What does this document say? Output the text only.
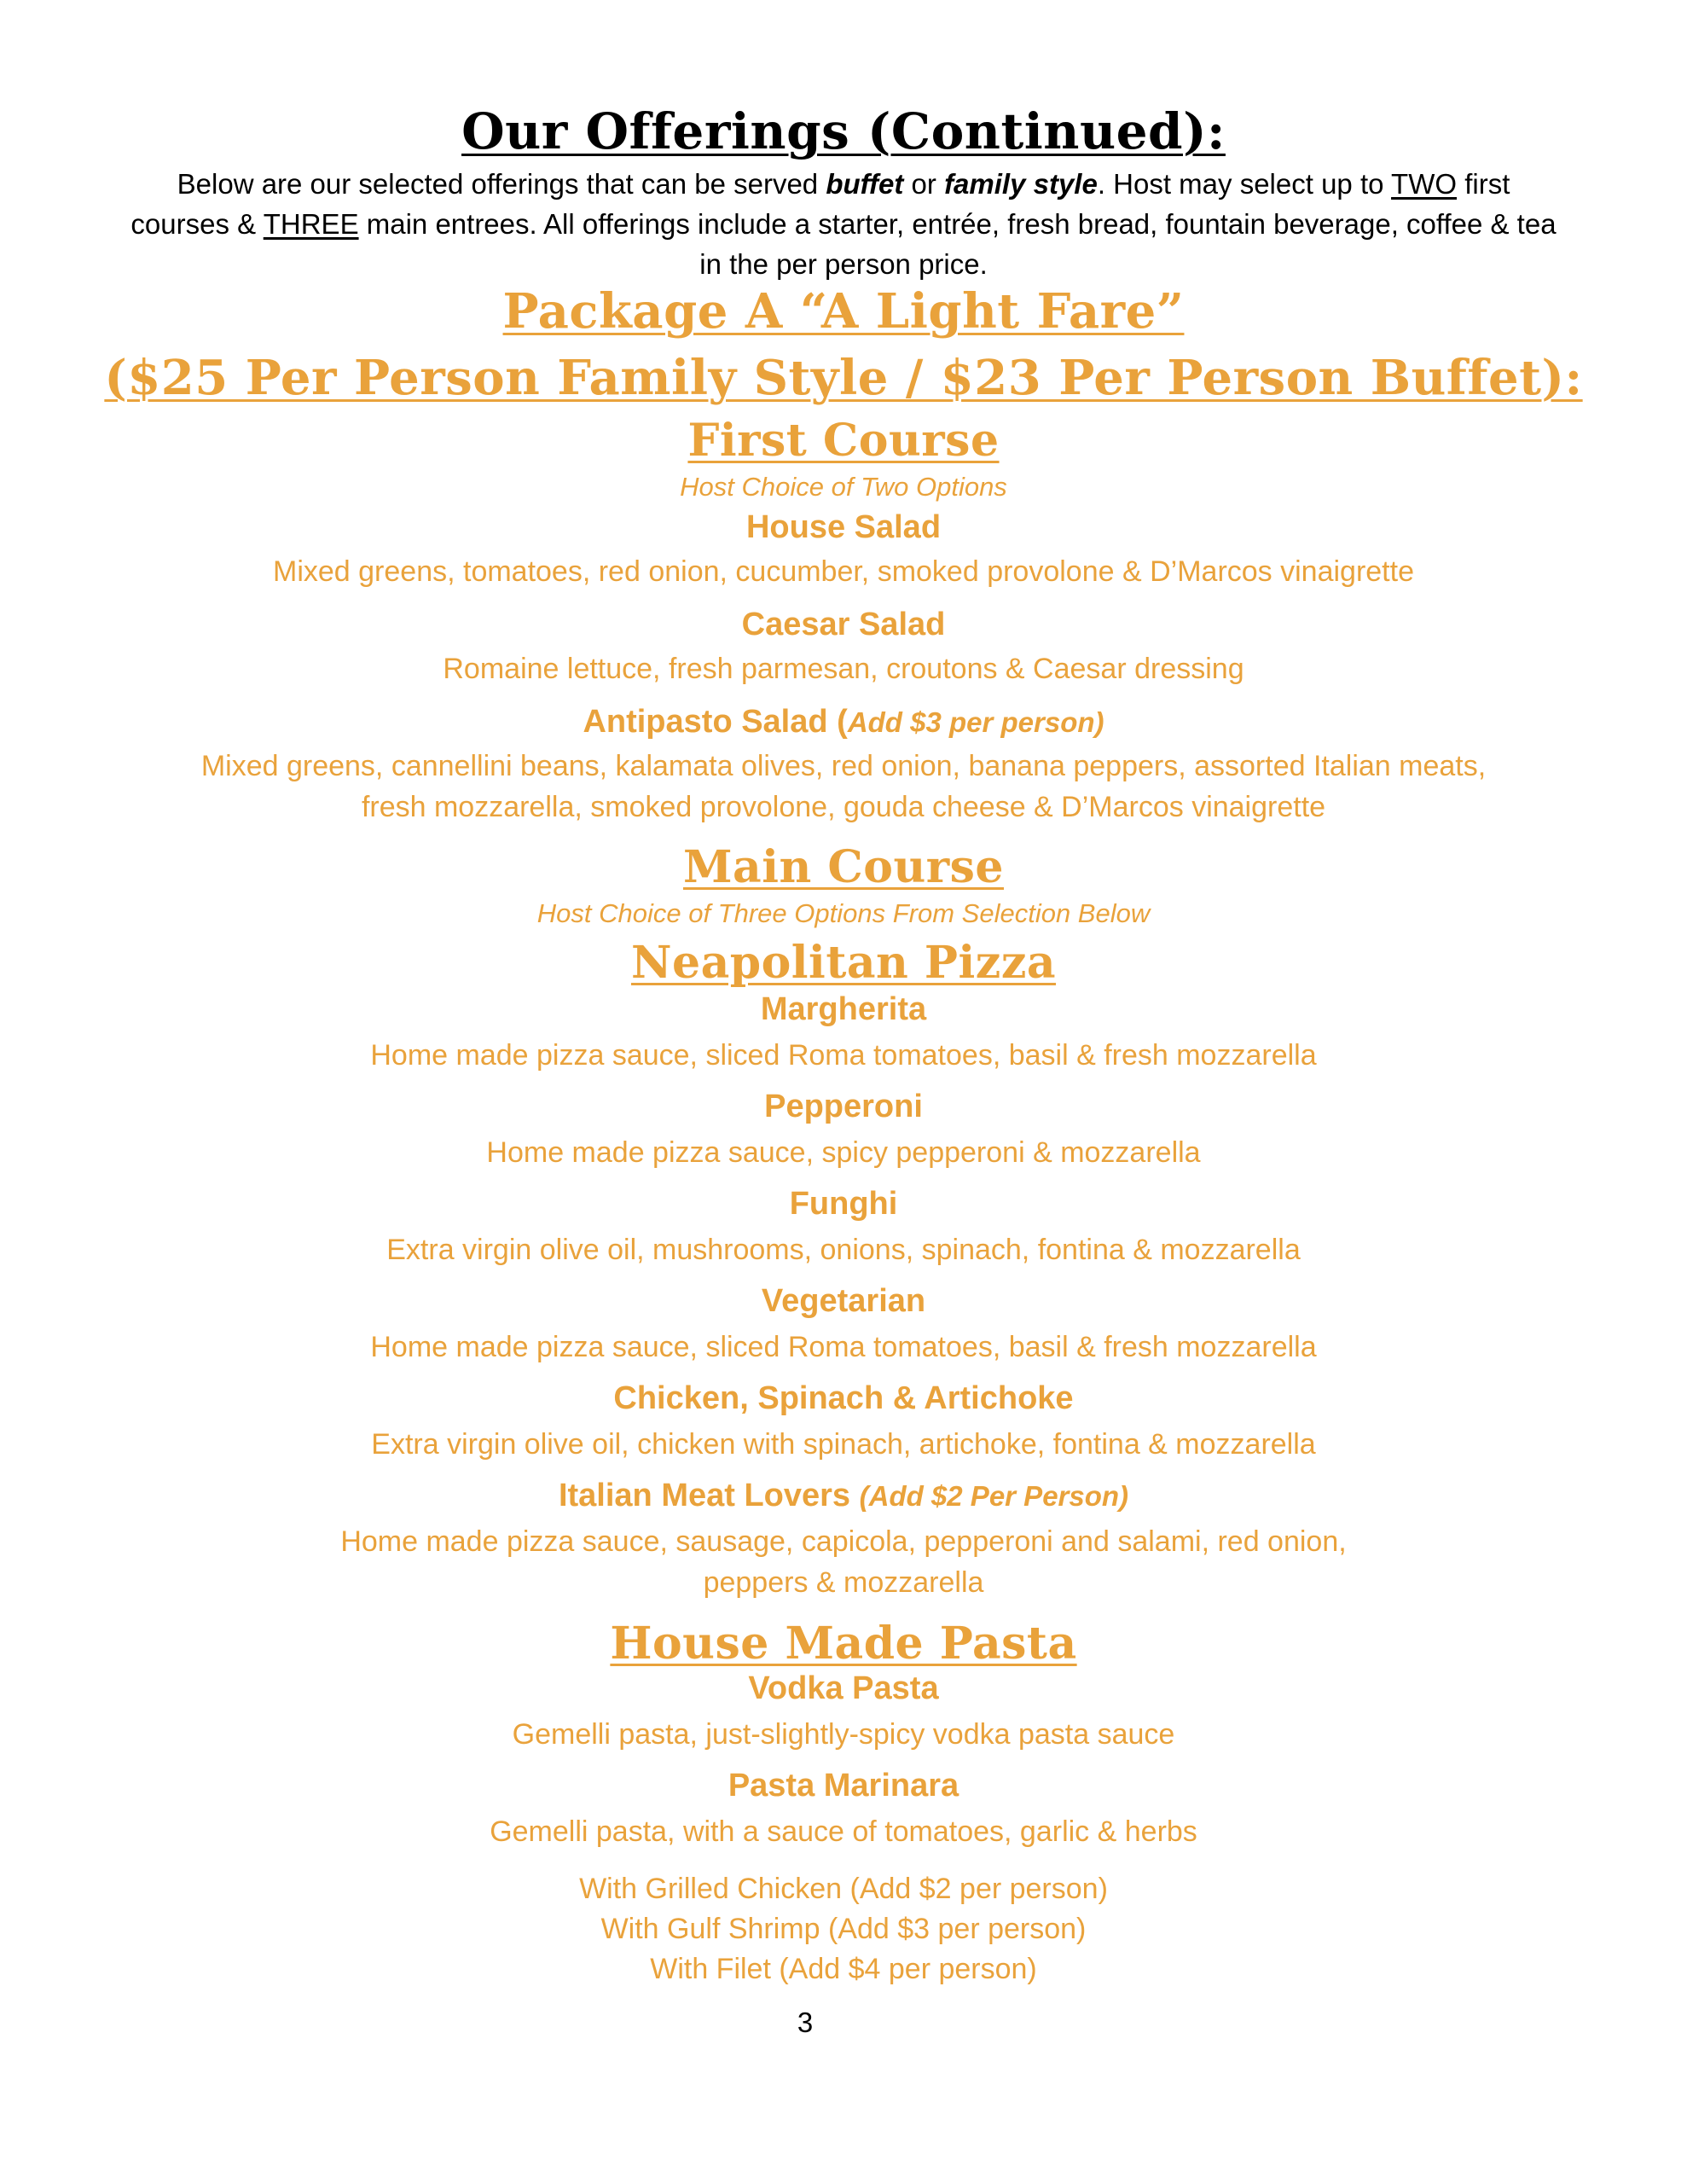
Our Offerings (Continued):
Below are our selected offerings that can be served buffet or family style. Host may select up to TWO first
courses & THREE main entrees. All offerings include a starter, entrée, fresh bread, fountain beverage, coffee & tea
in the per person price.
Package A “A Light Fare”
($25 Per Person Family Style / $23 Per Person Buffet):
First Course
Host Choice of Two Options
House Salad
Mixed greens, tomatoes, red onion, cucumber, smoked provolone & D’Marcos vinaigrette
Caesar Salad
Romaine lettuce, fresh parmesan, croutons & Caesar dressing
Antipasto Salad (Add $3 per person)
Mixed greens, cannellini beans, kalamata olives, red onion, banana peppers, assorted Italian meats,
fresh mozzarella, smoked provolone, gouda cheese & D’Marcos vinaigrette
Main Course
Host Choice of Three Options From Selection Below
Neapolitan Pizza
Margherita
Home made pizza sauce, sliced Roma tomatoes, basil & fresh mozzarella
Pepperoni
Home made pizza sauce, spicy pepperoni & mozzarella
Funghi
Extra virgin olive oil, mushrooms, onions, spinach, fontina & mozzarella
Vegetarian
Home made pizza sauce, sliced Roma tomatoes, basil & fresh mozzarella
Chicken, Spinach & Artichoke
Extra virgin olive oil, chicken with spinach, artichoke, fontina & mozzarella
Italian Meat Lovers (Add $2 Per Person)
Home made pizza sauce, sausage, capicola, pepperoni and salami, red onion,
peppers & mozzarella
House Made Pasta
Vodka Pasta
Gemelli pasta, just-slightly-spicy vodka pasta sauce
Pasta Marinara
Gemelli pasta, with a sauce of tomatoes, garlic & herbs
With Grilled Chicken (Add $2 per person)
With Gulf Shrimp (Add $3 per person)
With Filet (Add $4 per person)
3
